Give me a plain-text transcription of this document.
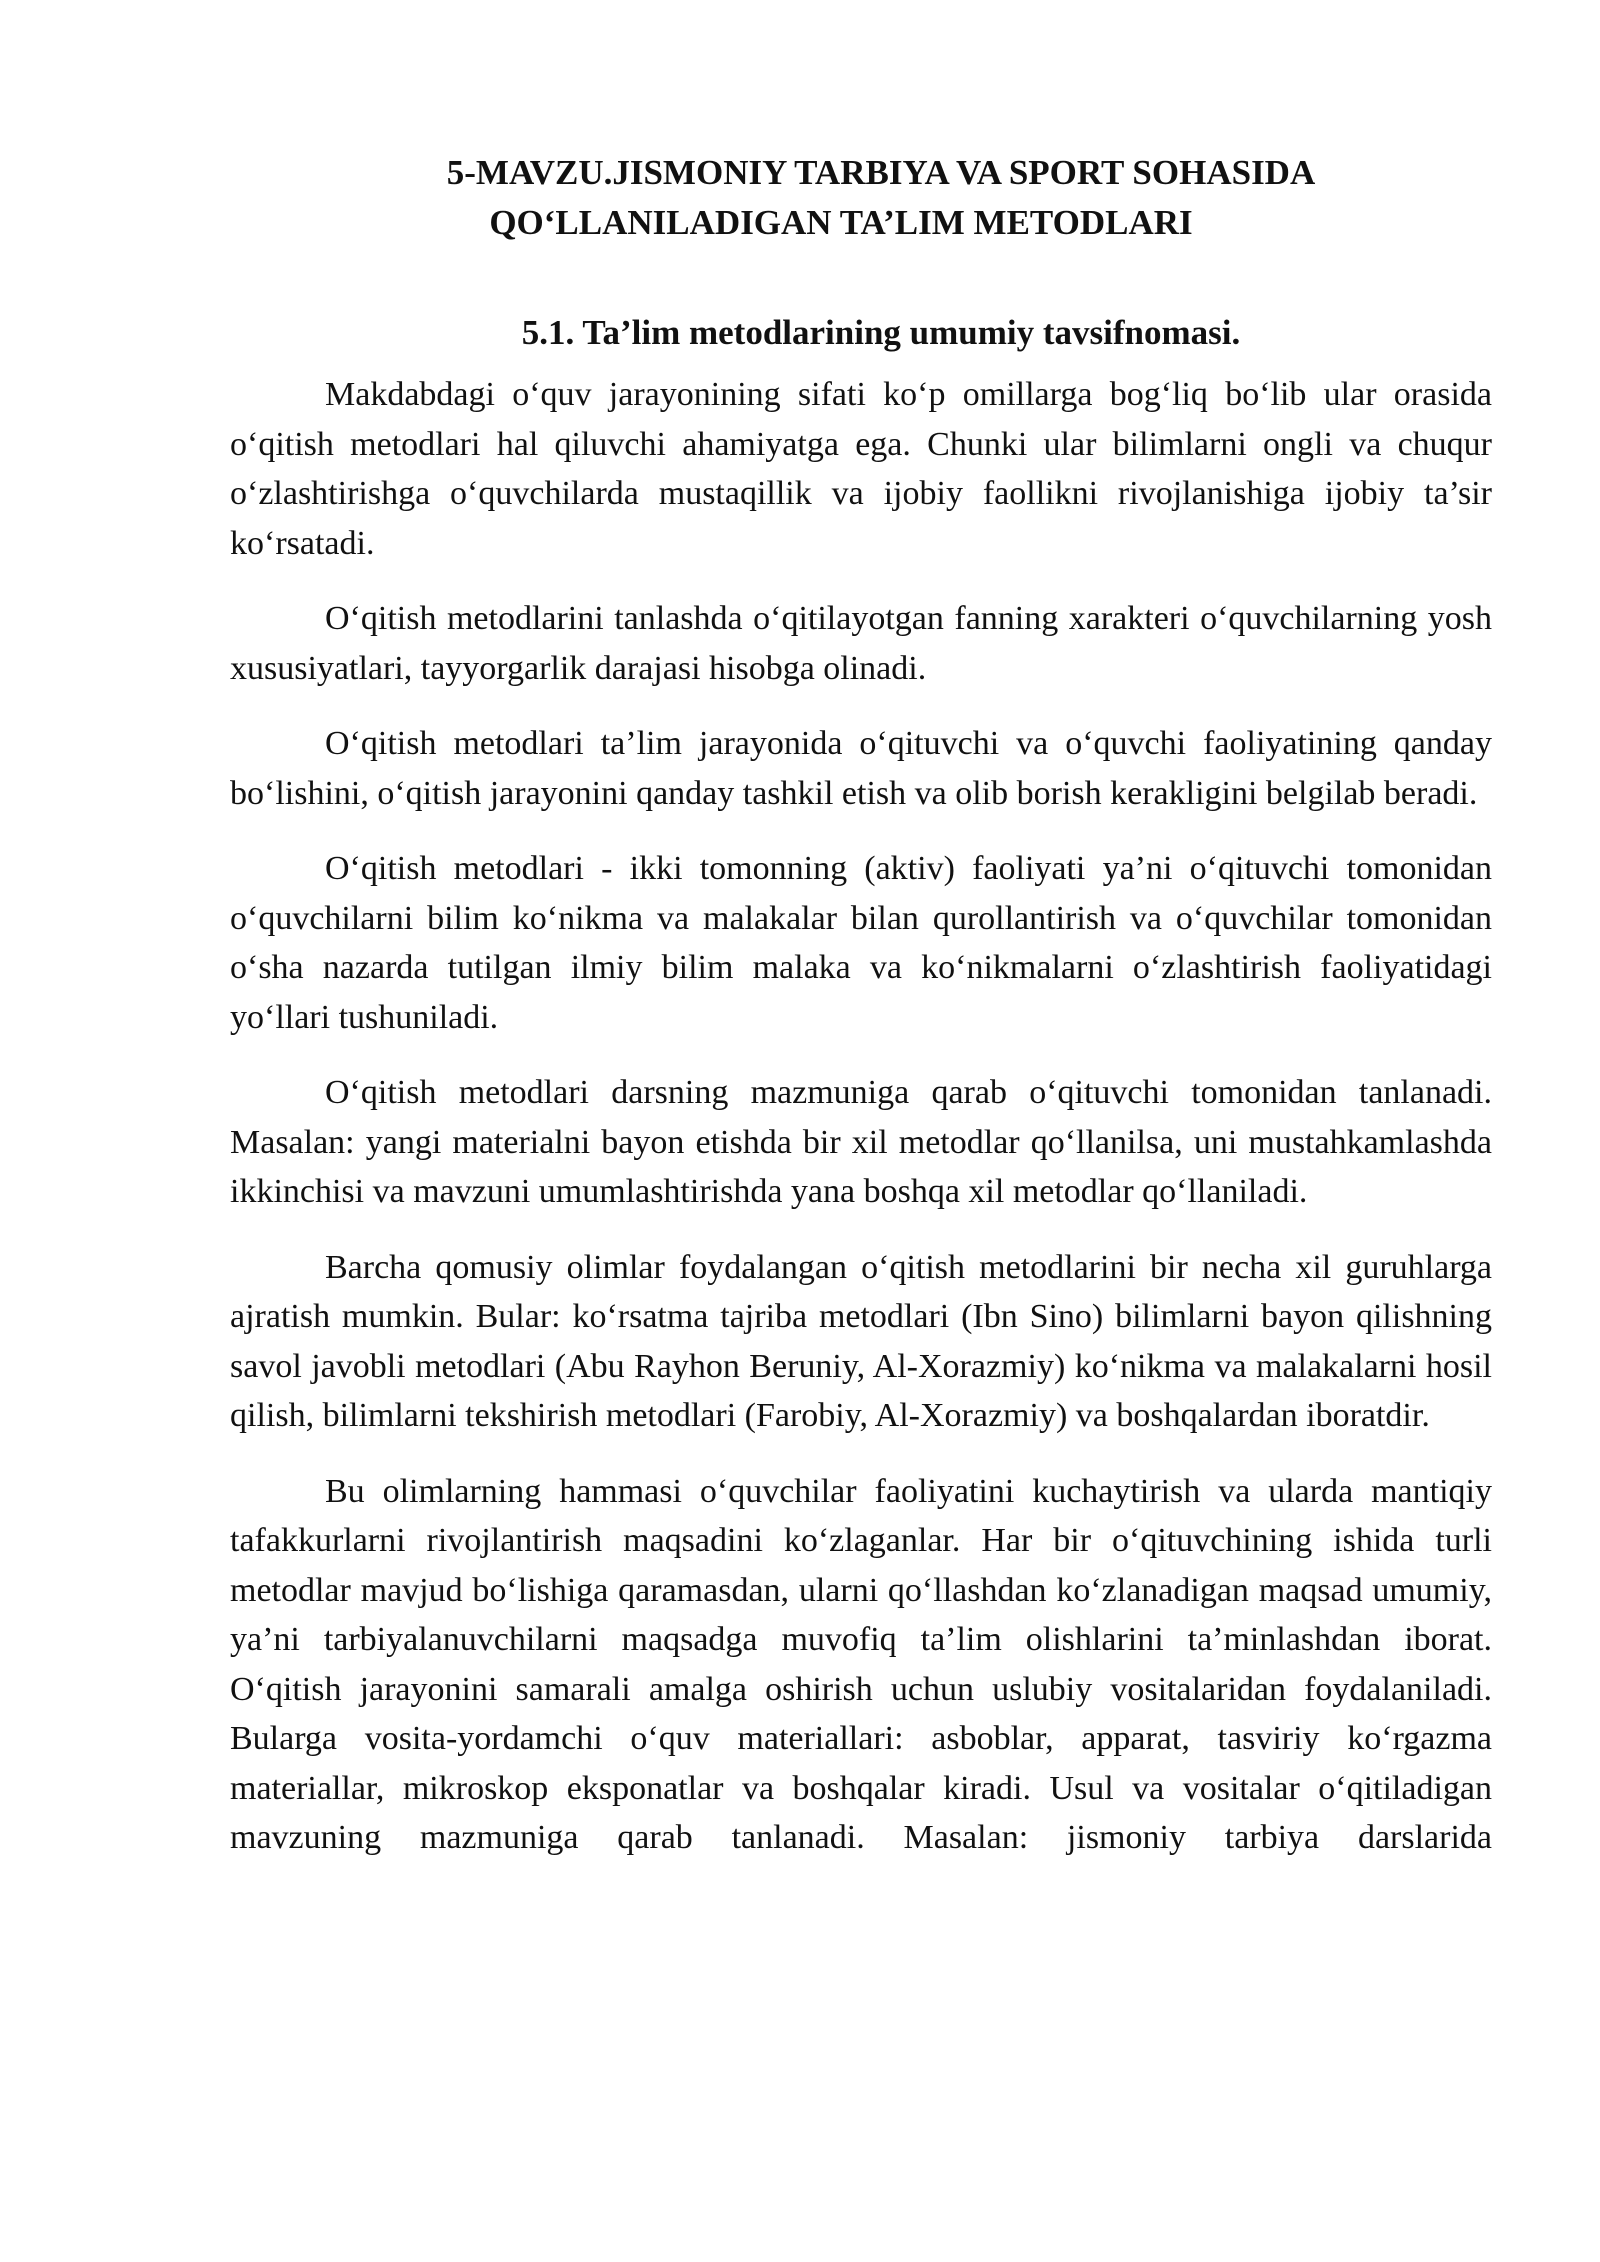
5-MAVZU.JISMONIY TARBIYA VA SPORT SOHASIDA
QO‘LLANILADIGAN TA’LIM METODLARI
5.1. Ta’lim metodlarining umumiy tavsifnomasi.

Makdabdagi o‘quv jarayonining sifati ko‘p omillarga bog‘liq bo‘lib ular orasida o‘qitish metodlari hal qiluvchi ahamiyatga ega. Chunki ular bilimlarni ongli va chuqur o‘zlashtirishga o‘quvchilarda mustaqillik va ijobiy faollikni rivojlanishiga ijobiy ta’sir ko‘rsatadi.

O‘qitish metodlarini tanlashda o‘qitilayotgan fanning xarakteri o‘quvchilarning yosh xususiyatlari, tayyorgarlik darajasi hisobga olinadi.

O‘qitish metodlari ta’lim jarayonida o‘qituvchi va o‘quvchi faoliyatining qanday bo‘lishini, o‘qitish jarayonini qanday tashkil etish va olib borish kerakligini belgilab beradi.

O‘qitish metodlari - ikki tomonning (aktiv) faoliyati ya’ni o‘qituvchi tomonidan o‘quvchilarni bilim ko‘nikma va malakalar bilan qurollantirish va o‘quvchilar tomonidan o‘sha nazarda tutilgan ilmiy bilim malaka va ko‘nikmalarni o‘zlashtirish faoliyatidagi yo‘llari tushuniladi.

O‘qitish metodlari darsning mazmuniga qarab o‘qituvchi tomonidan tanlanadi. Masalan: yangi materialni bayon etishda bir xil metodlar qo‘llanilsa, uni mustahkamlashda ikkinchisi va mavzuni umumlashtirishda yana boshqa xil metodlar qo‘llaniladi.

Barcha qomusiy olimlar foydalangan o‘qitish metodlarini bir necha xil guruhlarga ajratish mumkin. Bular: ko‘rsatma tajriba metodlari (Ibn Sino) bilimlarni bayon qilishning savol javobli metodlari (Abu Rayhon Beruniy, Al-Xorazmiy) ko‘nikma va malakalarni hosil qilish, bilimlarni tekshirish metodlari (Farobiy, Al-Xorazmiy) va boshqalardan iboratdir.

Bu olimlarning hammasi o‘quvchilar faoliyatini kuchaytirish va ularda mantiqiy tafakkurlarni rivojlantirish maqsadini ko‘zlaganlar. Har bir o‘qituvchining ishida turli metodlar mavjud bo‘lishiga qaramasdan, ularni qo‘llashdan ko‘zlanadigan maqsad umumiy, ya’ni tarbiyalanuvchilarni maqsadga muvofiq ta’lim olishlarini ta’minlashdan iborat. O‘qitish jarayonini samarali amalga oshirish uchun uslubiy vositalaridan foydalaniladi. Bularga vosita-yordamchi o‘quv materiallari: asboblar, apparat, tasviriy ko‘rgazma materiallar, mikroskop eksponatlar va boshqalar kiradi. Usul va vositalar o‘qitiladigan mavzuning mazmuniga qarab tanlanadi. Masalan: jismoniy tarbiya darslarida
